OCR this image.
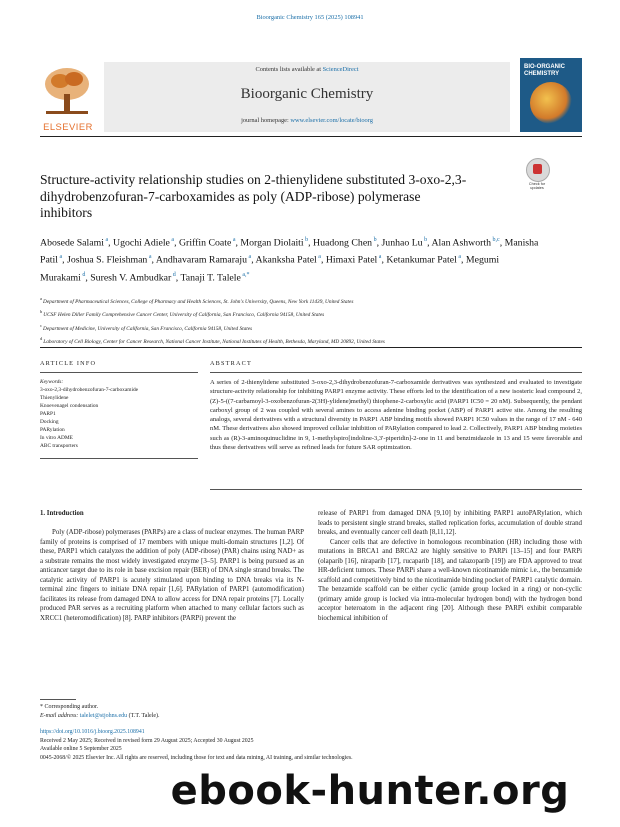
Bioorganic Chemistry 165 (2025) 108941
ELSEVIER
Contents lists available at ScienceDirect
Bioorganic Chemistry
journal homepage: www.elsevier.com/locate/bioorg
BIO-ORGANIC CHEMISTRY
Structure-activity relationship studies on 2-thienylidene substituted 3-oxo-2,3-dihydrobenzofuran-7-carboxamides as poly (ADP-ribose) polymerase inhibitors
Check for updates
Abosede Salami $^a$, Ugochi Adiele $^a$, Griffin Coate $^a$, Morgan Diolaiti $^b$, Huadong Chen $^b$, Junhao Lu $^b$, Alan Ashworth $^{b,c}$, Manisha Patil $^a$, Joshua S. Fleishman $^a$, Andhavaram Ramaraju $^a$, Akanksha Patel $^a$, Himaxi Patel $^a$, Ketankumar Patel $^a$, Megumi Murakami $^d$, Suresh V. Ambudkar $^d$, Tanaji T. Talele $^{a,*}$
$^a$ Department of Pharmaceutical Sciences, College of Pharmacy and Health Sciences, St. John's University, Queens, New York 11439, United States
$^b$ UCSF Helen Diller Family Comprehensive Cancer Center, University of California, San Francisco, California 94158, United States
$^c$ Department of Medicine, University of California, San Francisco, California 94158, United States
$^d$ Laboratory of Cell Biology, Center for Cancer Research, National Cancer Institute, National Institutes of Health, Bethesda, Maryland, MD 20892, United States
ARTICLE INFO	ABSTRACT
Keywords:
3-oxo-2,3-dihydrobenzofuran-7-carboxamide
Thienylidene
Knoevenagel condensation
PARP1
Docking
PARylation
In vitro ADME
ABC transporters
A series of 2-thienylidene substituted 3-oxo-2,3-dihydrobenzofuran-7-carboxamide derivatives was synthesized and evaluated to investigate structure-activity relationship for inhibiting PARP1 enzyme activity. These efforts led to the identification of a new isosteric lead compound 2, (Z)-5-((7-carbamoyl-3-oxobenzofuran-2(3H)-ylidene)methyl) thiophene-2-carboxylic acid (PARP1 IC50 = 20 nM). Subsequently, the pendant carboxyl group of 2 was coupled with several amines to access adenine binding pocket (ABP) of PARP1 active site. Among the resulting analogs, several derivatives with a structural diversity in PARP1 ABP binding motifs showed PARP1 IC50 values in the range of 17 nM - 640 nM. These derivatives also showed improved cellular inhibition of PARylation compared to lead 2. Collectively, PARP1 ABP binding moieties such as (R)-3-aminoquinuclidine in 9, 1-methylspiro[indoline-3,3'-piperidin]-2-one in 11 and benzimidazole in 13 and 15 were favorable and thus these derivatives will serve as refined leads for future SAR optimization.
1. Introduction

Poly (ADP-ribose) polymerases (PARPs) are a class of nuclear enzymes. The human PARP family of proteins is comprised of 17 members with unique multi-domain structures [1,2]. Of these, PARP1 which catalyzes the addition of poly (ADP-ribose) (PAR) chains using NAD+ as a substrate remains the most widely investigated enzyme [3–5]. PARP1 is being pursued as an anticancer target due to its role in base excision repair (BER) of DNA single strand breaks. The catalytic activity of PARP1 is acutely stimulated upon binding to DNA breaks via its N-terminal zinc fingers to initiate DNA repair [1,6]. PARylation of PARP1 (automodification) facilitates its release from damaged DNA to allow access for DNA repair proteins [7]. Locally produced PAR serves as a recruiting platform when attached to many cellular factors such as XRCC1 (heteromodification) [8]. PARP inhibitors (PARPi) prevent the

release of PARP1 from damaged DNA [9,10] by inhibiting PARP1 autoPARylation, which leads to persistent single strand breaks, stalled replication forks, accumulation of double strand breaks, and eventually cancer cell death [8,11,12].

Cancer cells that are defective in homologous recombination (HR) including those with mutations in BRCA1 and BRCA2 are highly sensitive to PARPi [13–15] and four PARPi (olaparib [16], niraparib [17], rucaparib [18], and talazoparib [19]) are FDA approved to treat HR-deficient tumors. These PARPi share a well-known nicotinamide mimic i.e., the benzamide scaffold and competitively bind to the nicotinamide binding pocket of PARP1 catalytic domain. The benzamide scaffold can be either cyclic (amide group locked in a ring) or non-cyclic (primary amide group is locked via intra-molecular hydrogen bond) with the hydrogen bond acceptor heteroatom in the adjacent ring [20]. Although these PARPi exhibit comparable biochemical inhibition of

* Corresponding author.
E-mail address: talelet@stjohns.edu (T.T. Talele).
https://doi.org/10.1016/j.bioorg.2025.108941
Received 2 May 2025; Received in revised form 29 August 2025; Accepted 30 August 2025
Available online 5 September 2025
0045-2068/© 2025 Elsevier Inc. All rights are reserved, including those for text and data mining, AI training, and similar technologies.
ebook-hunter.org
